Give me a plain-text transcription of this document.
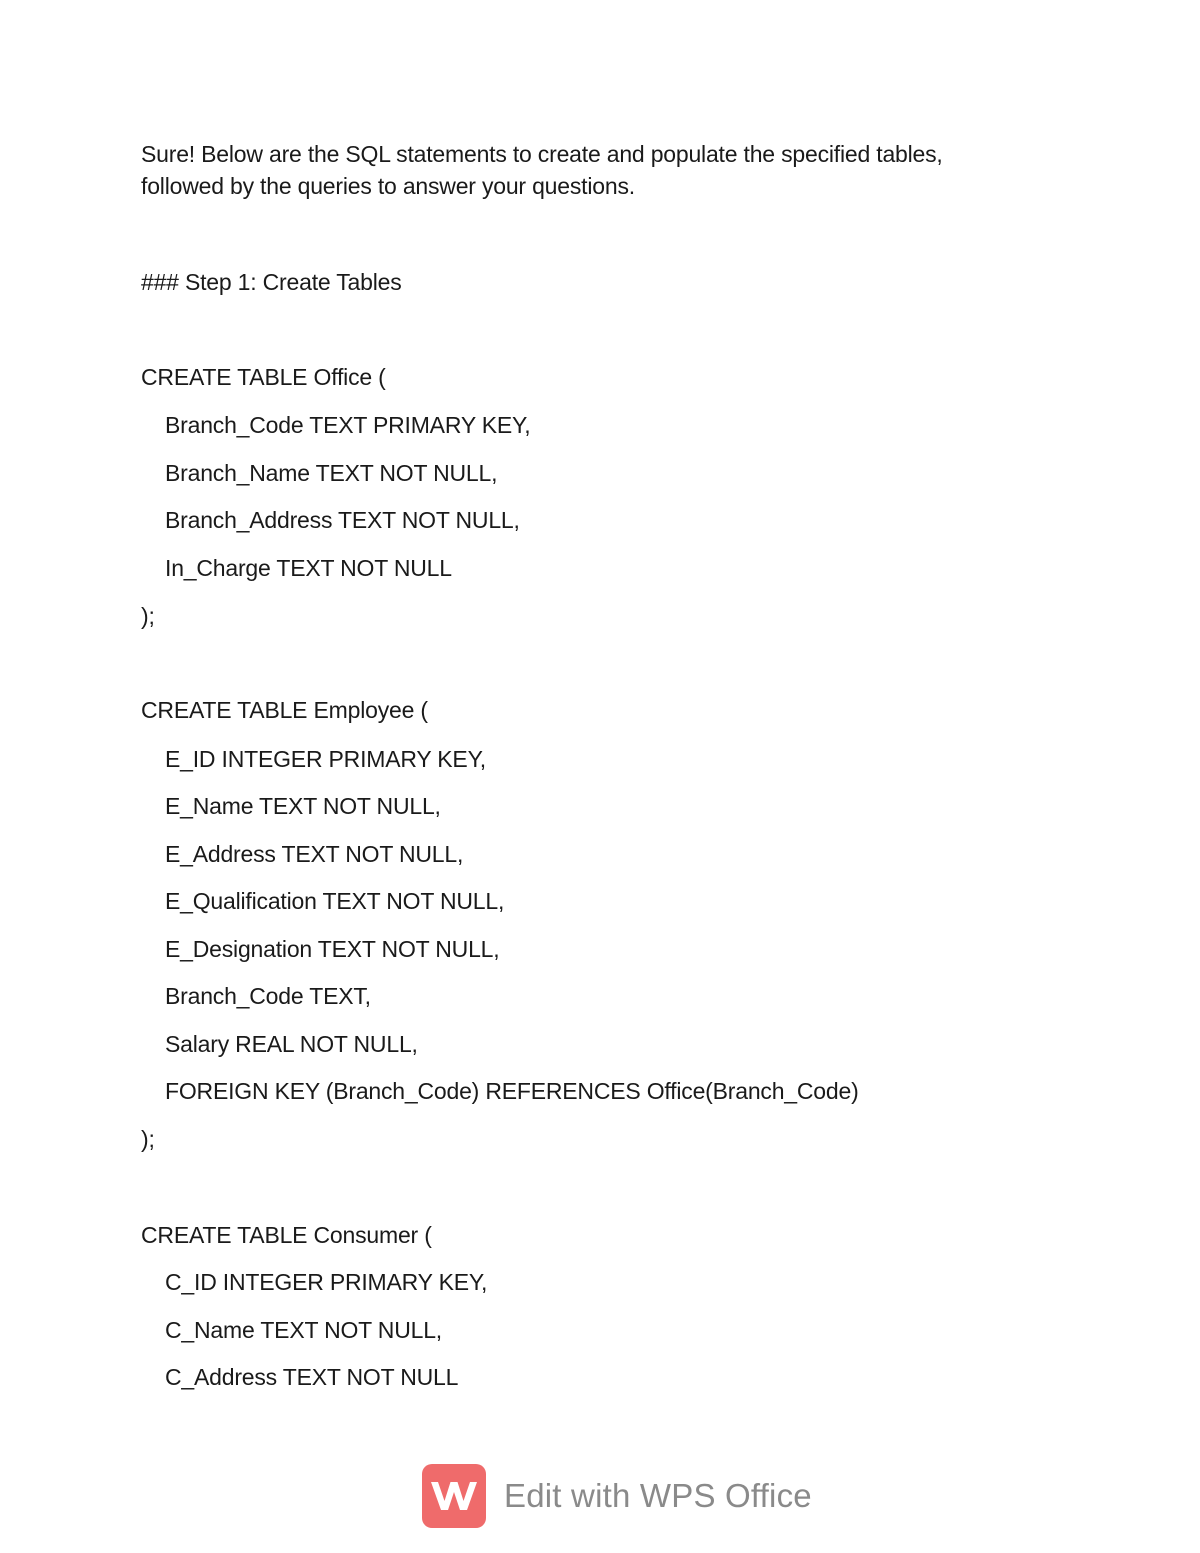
Sure! Below are the SQL statements to create and populate the specified tables,
followed by the queries to answer your questions.
### Step 1: Create Tables
CREATE TABLE Office (
Branch_Code TEXT PRIMARY KEY,
Branch_Name TEXT NOT NULL,
Branch_Address TEXT NOT NULL,
In_Charge TEXT NOT NULL
);
CREATE TABLE Employee (
E_ID INTEGER PRIMARY KEY,
E_Name TEXT NOT NULL,
E_Address TEXT NOT NULL,
E_Qualification TEXT NOT NULL,
E_Designation TEXT NOT NULL,
Branch_Code TEXT,
Salary REAL NOT NULL,
FOREIGN KEY (Branch_Code) REFERENCES Office(Branch_Code)
);
CREATE TABLE Consumer (
C_ID INTEGER PRIMARY KEY,
C_Name TEXT NOT NULL,
C_Address TEXT NOT NULL
Edit with WPS Office
